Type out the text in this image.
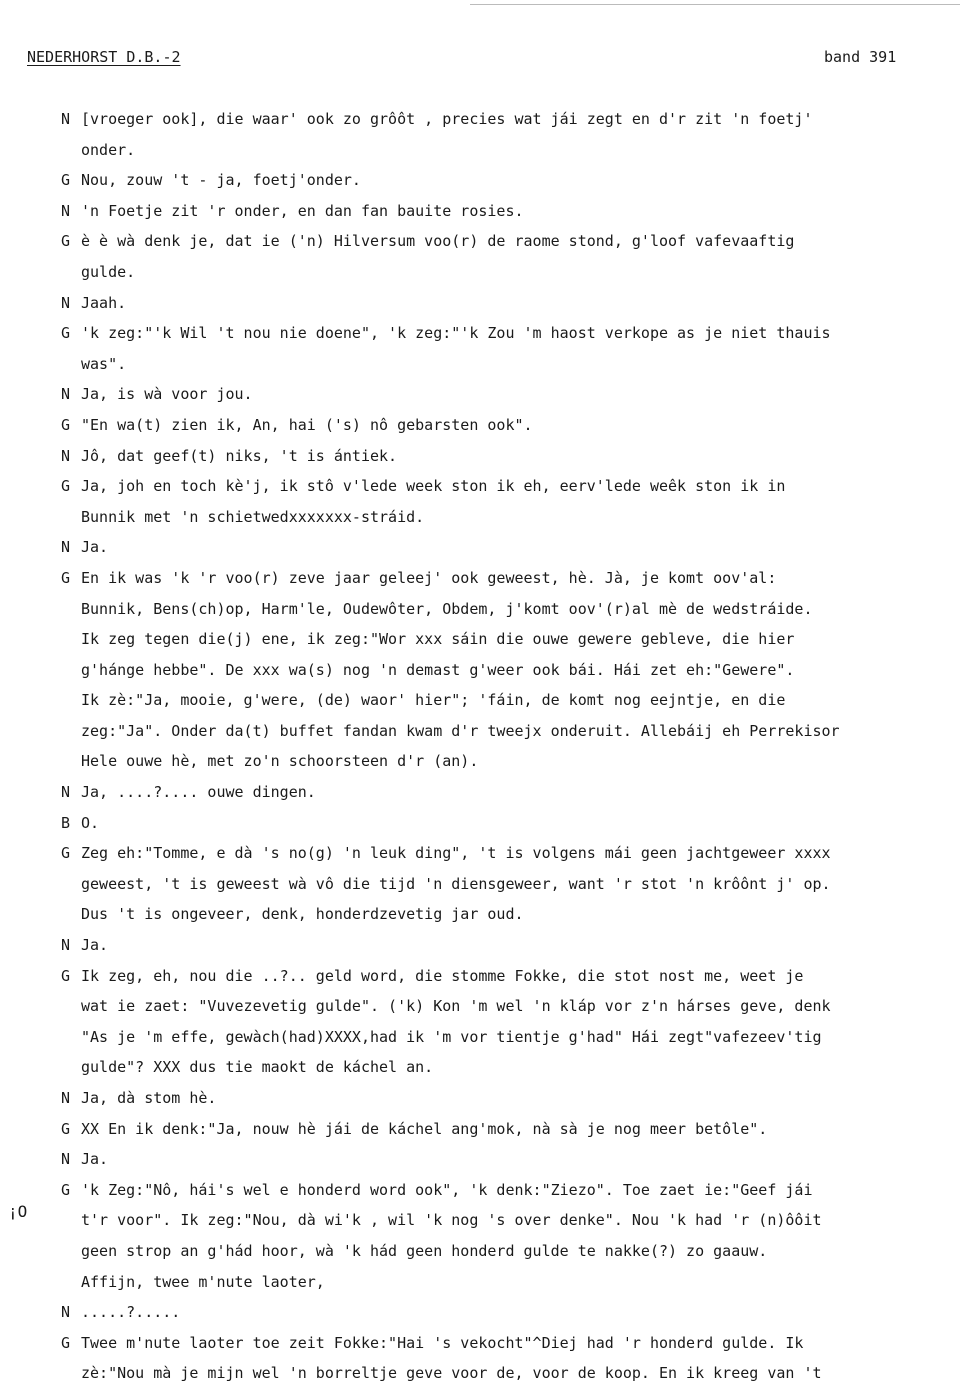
NEDERHORST D.B.-2	band 391
¡O
N [vroeger ook], die waar' ook zo grôôt , precies wat jái zegt en d'r zit 'n foetj'
onder.
G Nou, zouw 't - ja, foetj'onder.
N 'n Foetje zit 'r onder, en dan fan bauite rosies.
G è è wà denk je, dat ie ('n) Hilversum voo(r) de raome stond, g'loof vafevaaftig
gulde.
N Jaah.
G 'k zeg:"'k Wil 't nou nie doene", 'k zeg:"'k Zou 'm haost verkope as je niet thauis
was".
N Ja, is wà voor jou.
G "En wa(t) zien ik, An, hai ('s) nô gebarsten ook".
N Jô, dat geef(t) niks, 't is ántiek.
G Ja, joh en toch kè'j, ik stô v'lede week ston ik eh, eerv'lede weêk ston ik in
Bunnik met 'n schietwedxxxxxxx-stráid.
N Ja.
G En ik was 'k 'r voo(r) zeve jaar geleej' ook geweest, hè. Jà, je komt oov'al:
Bunnik, Bens(ch)op, Harm'le, Oudewôter, Obdem, j'komt oov'(r)al mè de wedstráide.
Ik zeg tegen die(j) ene, ik zeg:"Wor xxx sáin die ouwe gewere gebleve, die hier
g'hánge hebbe". De xxx wa(s) nog 'n demast g'weer ook bái. Hái zet eh:"Gewere".
Ik zè:"Ja, mooie, g'were, (de) waor' hier"; 'fáin, de komt nog eejntje, en die
zeg:"Ja". Onder da(t) buffet fandan kwam d'r tweejx onderuit. Allebáij eh Perrekisor
Hele ouwe hè, met zo'n schoorsteen d'r (an).
N Ja, ....?.... ouwe dingen.
B O.
G Zeg eh:"Tomme, e dà 's no(g) 'n leuk ding", 't is volgens mái geen jachtgeweer xxxx
geweest, 't is geweest wà vô die tijd 'n diensgeweer, want 'r stot 'n krôônt j' op.
Dus 't is ongeveer, denk, honderdzevetig jar oud.
N Ja.
G Ik zeg, eh, nou die ..?.. geld word, die stomme Fokke, die stot nost me, weet je
wat ie zaet: "Vuvezevetig gulde". ('k) Kon 'm wel 'n kláp vor z'n hárses geve, denk
"As je 'm effe, gewàch(had)XXXX,had ik 'm vor tientje g'had" Hái zegt"vafezeev'tig
gulde"? XXX dus tie maokt de káchel an.
N Ja, dà stom hè.
G XX En ik denk:"Ja, nouw hè jái de káchel ang'mok, nà sà je nog meer betôle".
N Ja.
G 'k Zeg:"Nô, hái's wel e honderd word ook", 'k denk:"Ziezo". Toe zaet ie:"Geef jái
t'r voor". Ik zeg:"Nou, dà wi'k , wil 'k nog 's over denke". Nou 'k had 'r (n)ôôit
geen strop an g'hád hoor, wà 'k hád geen honderd gulde te nakke(?) zo gaauw.
Affijn, twee m'nute laoter,
N .....?.....
G Twee m'nute laoter toe zeit Fokke:"Hai 's vekocht"^Diej had 'r honderd gulde. Ik
zè:"Nou mà je mijn wel 'n borreltje geve voor de, voor de koop. En ik kreeg van 't
